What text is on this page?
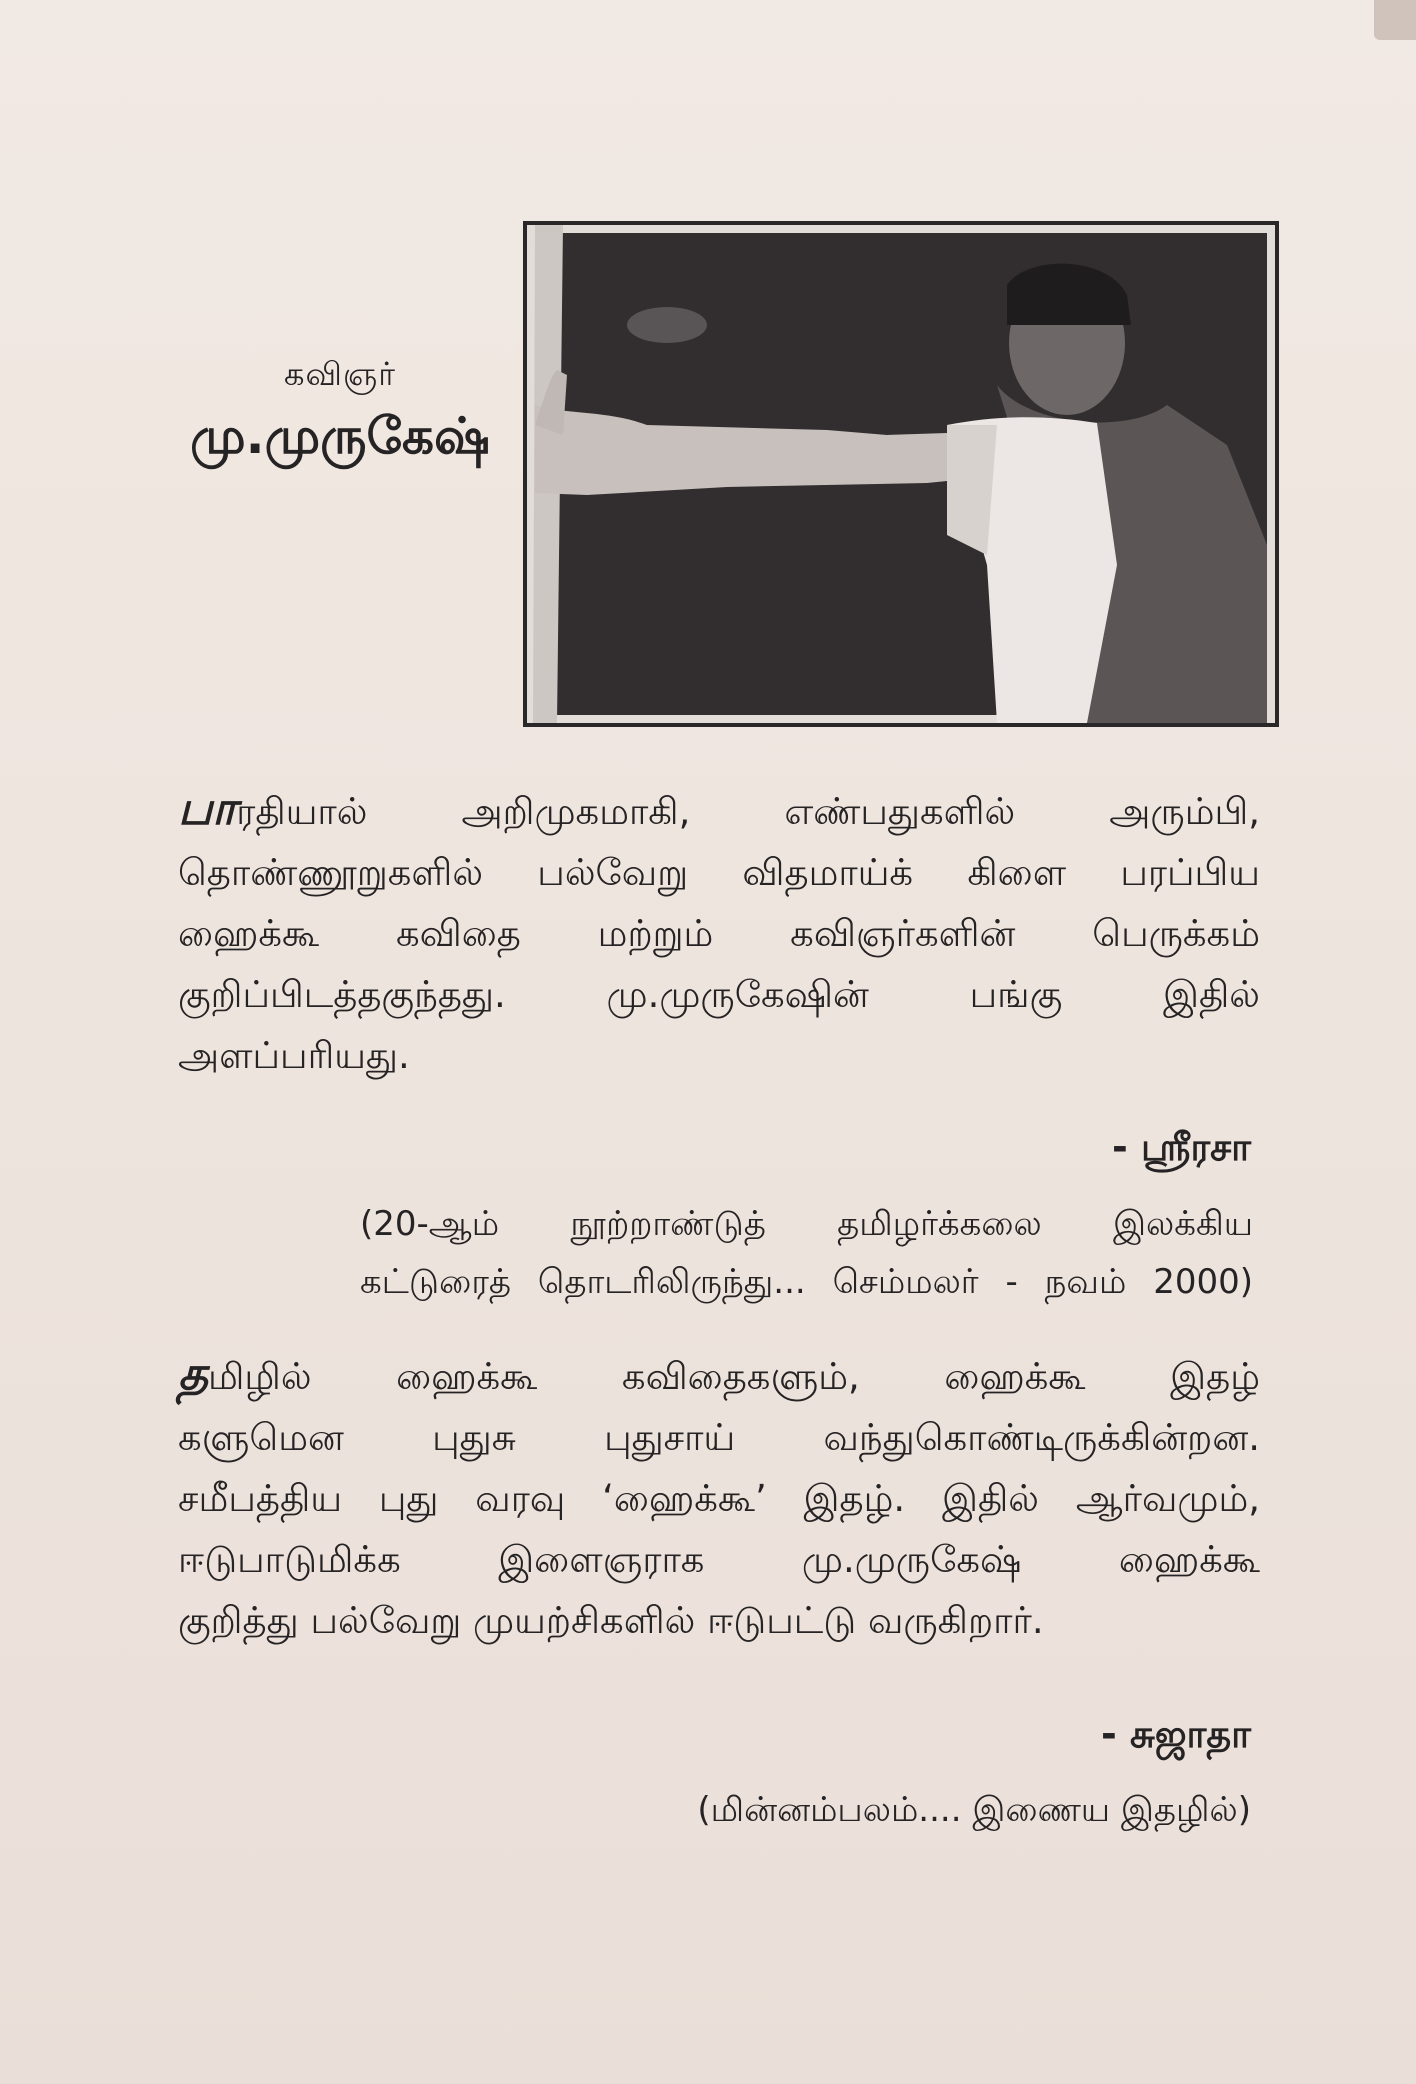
கவிஞர்
மு.முருகேஷ்
பாரதியால் அறிமுகமாகி, எண்பதுகளில் அரும்பி,
தொண்ணூறுகளில் பல்வேறு விதமாய்க் கிளை பரப்பிய
ஹைக்கூ கவிதை மற்றும் கவிஞர்களின் பெருக்கம்
குறிப்பிடத்தகுந்தது. மு.முருகேஷின் பங்கு இதில்
அளப்பரியது.
- ஸ்ரீரசா
(20-ஆம் நூற்றாண்டுத் தமிழர்க்கலை இலக்கிய
கட்டுரைத் தொடரிலிருந்து... செம்மலர் - நவம் 2000)
தமிழில் ஹைக்கூ கவிதைகளும், ஹைக்கூ இதழ்
களுமென புதுசு புதுசாய் வந்துகொண்டிருக்கின்றன.
சமீபத்திய புது வரவு ‘ஹைக்கூ’ இதழ். இதில் ஆர்வமும்,
ஈடுபாடுமிக்க இளைஞராக மு.முருகேஷ் ஹைக்கூ
குறித்து பல்வேறு முயற்சிகளில் ஈடுபட்டு வருகிறார்.
- சுஜாதா
(மின்னம்பலம்.... இணைய இதழில்)
